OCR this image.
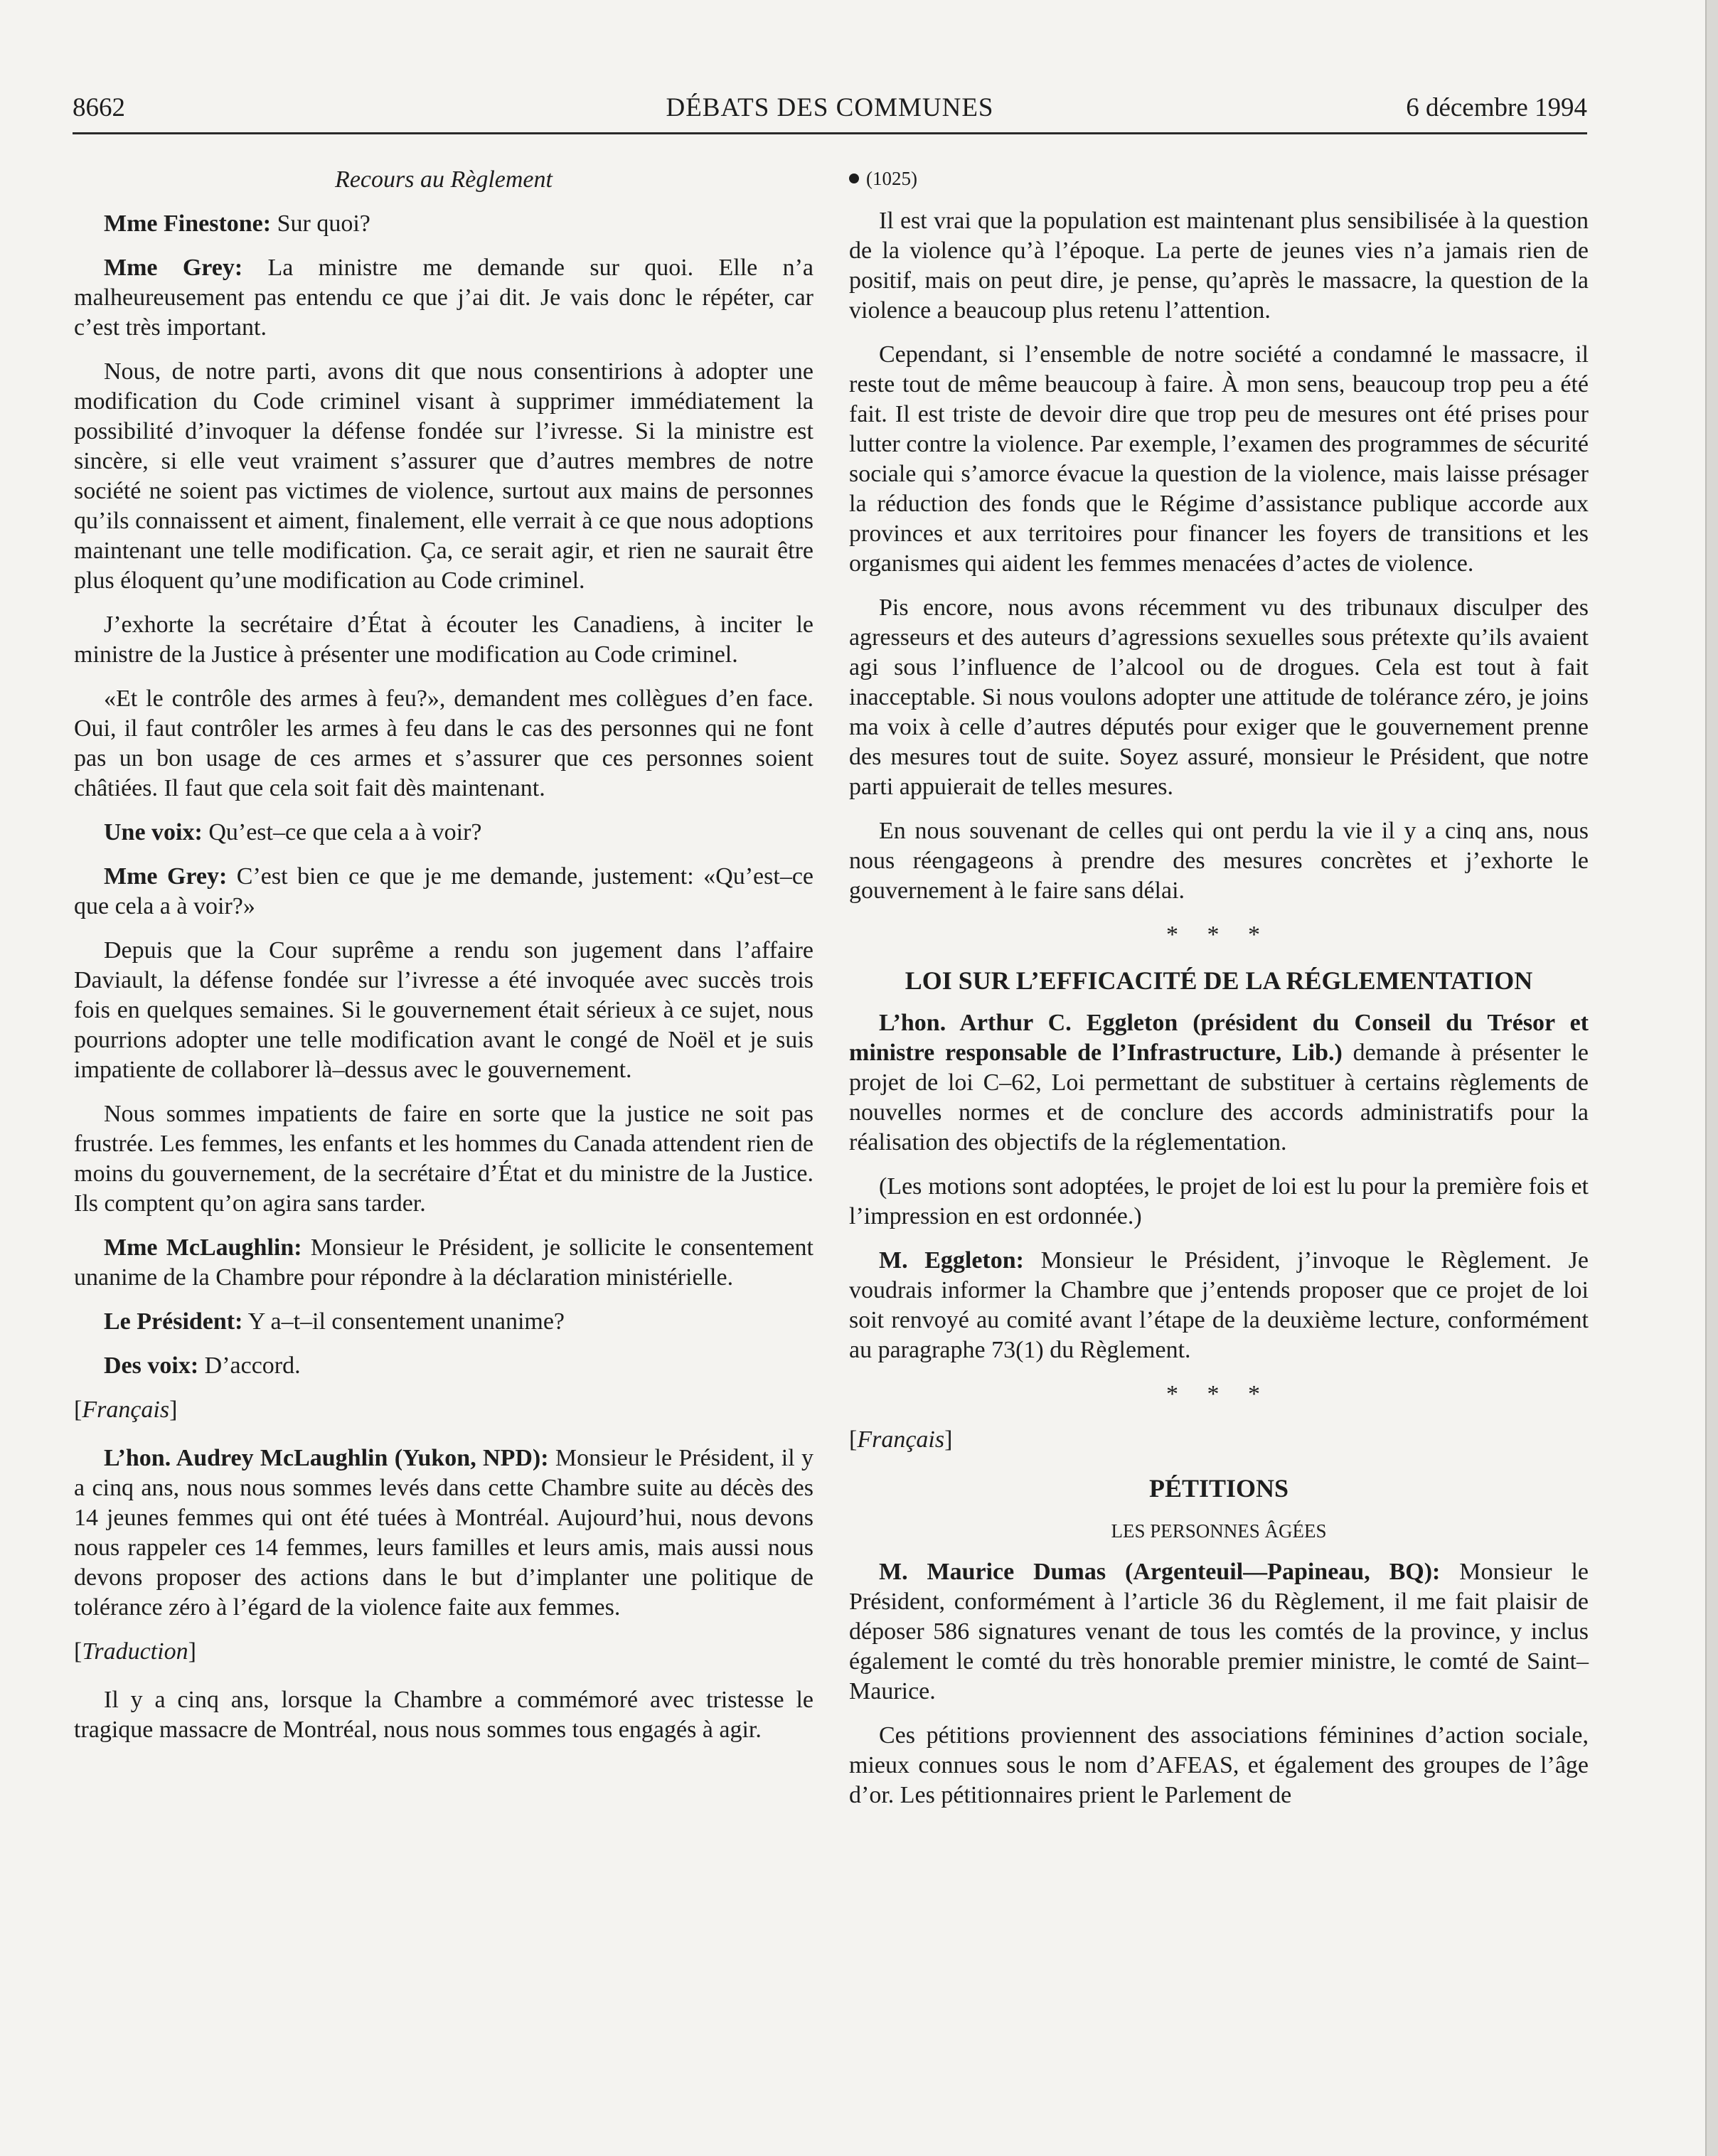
8662	DÉBATS DES COMMUNES	6 décembre 1994
Recours au Règlement

Mme Finestone: Sur quoi?

Mme Grey: La ministre me demande sur quoi. Elle n’a malheureusement pas entendu ce que j’ai dit. Je vais donc le répéter, car c’est très important.

Nous, de notre parti, avons dit que nous consentirions à adopter une modification du Code criminel visant à supprimer immédiatement la possibilité d’invoquer la défense fondée sur l’ivresse. Si la ministre est sincère, si elle veut vraiment s’assurer que d’autres membres de notre société ne soient pas victimes de violence, surtout aux mains de personnes qu’ils connaissent et aiment, finalement, elle verrait à ce que nous adoptions maintenant une telle modification. Ça, ce serait agir, et rien ne saurait être plus éloquent qu’une modification au Code criminel.

J’exhorte la secrétaire d’État à écouter les Canadiens, à inciter le ministre de la Justice à présenter une modification au Code criminel.

«Et le contrôle des armes à feu?», demandent mes collègues d’en face. Oui, il faut contrôler les armes à feu dans le cas des personnes qui ne font pas un bon usage de ces armes et s’assurer que ces personnes soient châtiées. Il faut que cela soit fait dès maintenant.

Une voix: Qu’est–ce que cela a à voir?

Mme Grey: C’est bien ce que je me demande, justement: «Qu’est–ce que cela a à voir?»

Depuis que la Cour suprême a rendu son jugement dans l’affaire Daviault, la défense fondée sur l’ivresse a été invoquée avec succès trois fois en quelques semaines. Si le gouvernement était sérieux à ce sujet, nous pourrions adopter une telle modification avant le congé de Noël et je suis impatiente de collaborer là–dessus avec le gouvernement.

Nous sommes impatients de faire en sorte que la justice ne soit pas frustrée. Les femmes, les enfants et les hommes du Canada attendent rien de moins du gouvernement, de la secrétaire d’État et du ministre de la Justice. Ils comptent qu’on agira sans tarder.

Mme McLaughlin: Monsieur le Président, je sollicite le consentement unanime de la Chambre pour répondre à la déclaration ministérielle.

Le Président: Y a–t–il consentement unanime?

Des voix: D’accord.

[Français]

L’hon. Audrey McLaughlin (Yukon, NPD): Monsieur le Président, il y a cinq ans, nous nous sommes levés dans cette Chambre suite au décès des 14 jeunes femmes qui ont été tuées à Montréal. Aujourd’hui, nous devons nous rappeler ces 14 femmes, leurs familles et leurs amis, mais aussi nous devons proposer des actions dans le but d’implanter une politique de tolérance zéro à l’égard de la violence faite aux femmes.

[Traduction]

Il y a cinq ans, lorsque la Chambre a commémoré avec tristesse le tragique massacre de Montréal, nous nous sommes tous engagés à agir.

(1025)

Il est vrai que la population est maintenant plus sensibilisée à la question de la violence qu’à l’époque. La perte de jeunes vies n’a jamais rien de positif, mais on peut dire, je pense, qu’après le massacre, la question de la violence a beaucoup plus retenu l’attention.

Cependant, si l’ensemble de notre société a condamné le massacre, il reste tout de même beaucoup à faire. À mon sens, beaucoup trop peu a été fait. Il est triste de devoir dire que trop peu de mesures ont été prises pour lutter contre la violence. Par exemple, l’examen des programmes de sécurité sociale qui s’amorce évacue la question de la violence, mais laisse présager la réduction des fonds que le Régime d’assistance publique accorde aux provinces et aux territoires pour financer les foyers de transitions et les organismes qui aident les femmes menacées d’actes de violence.

Pis encore, nous avons récemment vu des tribunaux disculper des agresseurs et des auteurs d’agressions sexuelles sous prétexte qu’ils avaient agi sous l’influence de l’alcool ou de drogues. Cela est tout à fait inacceptable. Si nous voulons adopter une attitude de tolérance zéro, je joins ma voix à celle d’autres députés pour exiger que le gouvernement prenne des mesures tout de suite. Soyez assuré, monsieur le Président, que notre parti appuierait de telles mesures.

En nous souvenant de celles qui ont perdu la vie il y a cinq ans, nous nous réengageons à prendre des mesures concrètes et j’exhorte le gouvernement à le faire sans délai.

* * *

LOI SUR L’EFFICACITÉ DE LA RÉGLEMENTATION

L’hon. Arthur C. Eggleton (président du Conseil du Trésor et ministre responsable de l’Infrastructure, Lib.) demande à présenter le projet de loi C–62, Loi permettant de substituer à certains règlements de nouvelles normes et de conclure des accords administratifs pour la réalisation des objectifs de la réglementation.

(Les motions sont adoptées, le projet de loi est lu pour la première fois et l’impression en est ordonnée.)

M. Eggleton: Monsieur le Président, j’invoque le Règlement. Je voudrais informer la Chambre que j’entends proposer que ce projet de loi soit renvoyé au comité avant l’étape de la deuxième lecture, conformément au paragraphe 73(1) du Règlement.

* * *

[Français]

PÉTITIONS

LES PERSONNES ÂGÉES

M. Maurice Dumas (Argenteuil—Papineau, BQ): Monsieur le Président, conformément à l’article 36 du Règlement, il me fait plaisir de déposer 586 signatures venant de tous les comtés de la province, y inclus également le comté du très honorable premier ministre, le comté de Saint–Maurice.

Ces pétitions proviennent des associations féminines d’action sociale, mieux connues sous le nom d’AFEAS, et également des groupes de l’âge d’or. Les pétitionnaires prient le Parlement de
